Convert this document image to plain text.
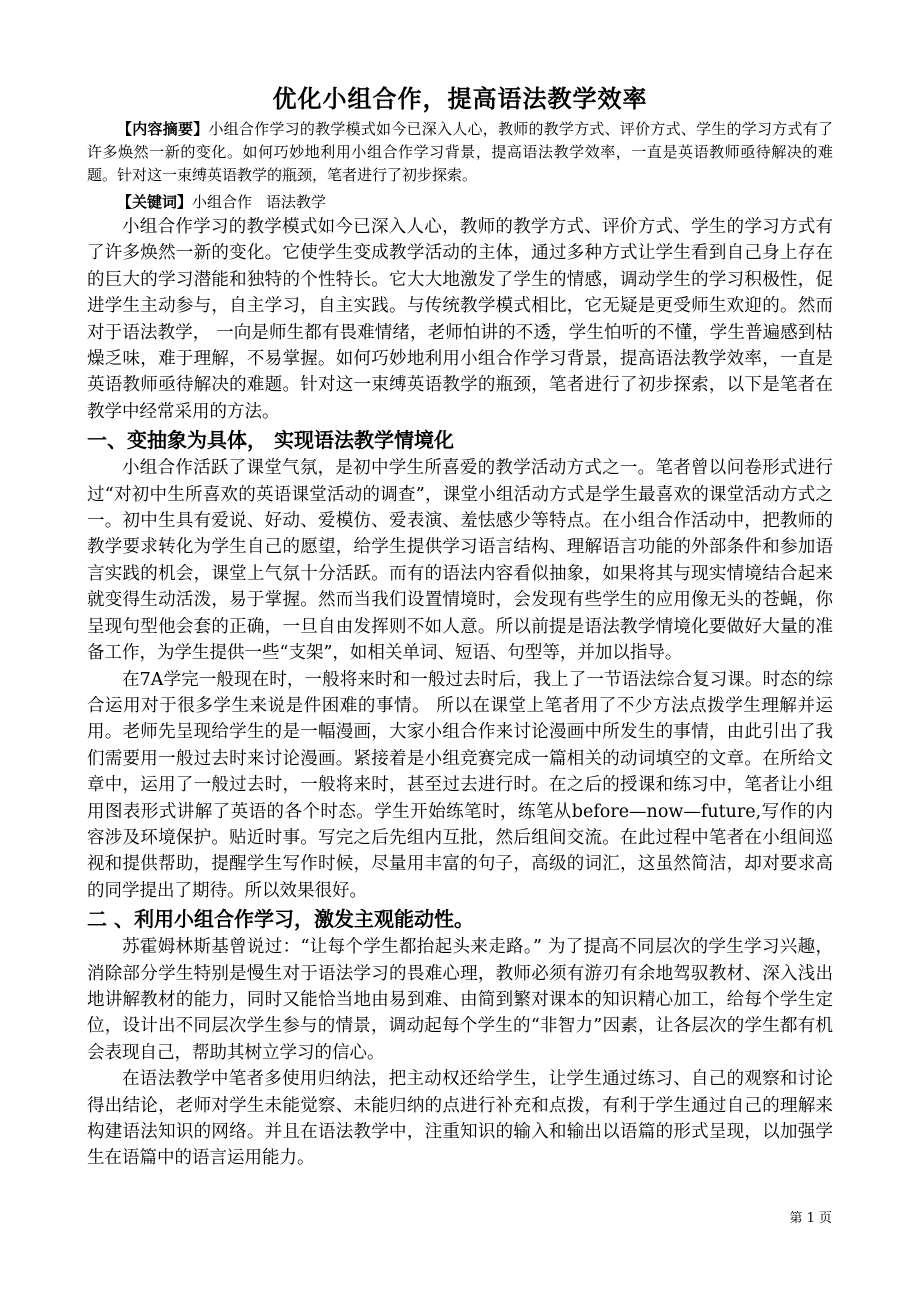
优化小组合作，提高语法教学效率

【内容摘要】小组合作学习的教学模式如今已深入人心，教师的教学方式、评价方式、学生的学习方式有了许多焕然一新的变化。如何巧妙地利用小组合作学习背景，提高语法教学效率，一直是英语教师亟待解决的难题。针对这一束缚英语教学的瓶颈，笔者进行了初步探索。

【关键词】小组合作 语法教学

小组合作学习的教学模式如今已深入人心，教师的教学方式、评价方式、学生的学习方式有了许多焕然一新的变化。它使学生变成教学活动的主体，通过多种方式让学生看到自己身上存在的巨大的学习潜能和独特的个性特长。它大大地激发了学生的情感，调动学生的学习积极性，促进学生主动参与，自主学习，自主实践。与传统教学模式相比，它无疑是更受师生欢迎的。然而对于语法教学， 一向是师生都有畏难情绪，老师怕讲的不透，学生怕听的不懂，学生普遍感到枯燥乏味，难于理解，不易掌握。如何巧妙地利用小组合作学习背景，提高语法教学效率，一直是英语教师亟待解决的难题。针对这一束缚英语教学的瓶颈，笔者进行了初步探索，以下是笔者在教学中经常采用的方法。

一、变抽象为具体， 实现语法教学情境化

小组合作活跃了课堂气氛，是初中学生所喜爱的教学活动方式之一。笔者曾以问卷形式进行过“对初中生所喜欢的英语课堂活动的调查”，课堂小组活动方式是学生最喜欢的课堂活动方式之一。初中生具有爱说、好动、爱模仿、爱表演、羞怯感少等特点。在小组合作活动中，把教师的教学要求转化为学生自己的愿望，给学生提供学习语言结构、理解语言功能的外部条件和参加语言实践的机会，课堂上气氛十分活跃。而有的语法内容看似抽象，如果将其与现实情境结合起来就变得生动活泼，易于掌握。然而当我们设置情境时，会发现有些学生的应用像无头的苍蝇，你呈现句型他会套的正确，一旦自由发挥则不如人意。所以前提是语法教学情境化要做好大量的准备工作，为学生提供一些“支架”，如相关单词、短语、句型等，并加以指导。

在7A学完一般现在时，一般将来时和一般过去时后，我上了一节语法综合复习课。时态的综合运用对于很多学生来说是件困难的事情。 所以在课堂上笔者用了不少方法点拨学生理解并运用。老师先呈现给学生的是一幅漫画，大家小组合作来讨论漫画中所发生的事情，由此引出了我们需要用一般过去时来讨论漫画。紧接着是小组竞赛完成一篇相关的动词填空的文章。在所给文章中，运用了一般过去时，一般将来时，甚至过去进行时。在之后的授课和练习中，笔者让小组用图表形式讲解了英语的各个时态。学生开始练笔时，练笔从before—now—future,写作的内容涉及环境保护。贴近时事。写完之后先组内互批，然后组间交流。在此过程中笔者在小组间巡视和提供帮助，提醒学生写作时候，尽量用丰富的句子，高级的词汇，这虽然简洁，却对要求高的同学提出了期待。所以效果很好。

二 、利用小组合作学习，激发主观能动性。

苏霍姆林斯基曾说过：“让每个学生都抬起头来走路。” 为了提高不同层次的学生学习兴趣，消除部分学生特别是慢生对于语法学习的畏难心理，教师必须有游刃有余地驾驭教材、深入浅出地讲解教材的能力，同时又能恰当地由易到难、由简到繁对课本的知识精心加工，给每个学生定位，设计出不同层次学生参与的情景，调动起每个学生的“非智力”因素，让各层次的学生都有机会表现自己，帮助其树立学习的信心。

在语法教学中笔者多使用归纳法，把主动权还给学生，让学生通过练习、自己的观察和讨论得出结论，老师对学生未能觉察、未能归纳的点进行补充和点拨，有利于学生通过自己的理解来构建语法知识的网络。并且在语法教学中，注重知识的输入和输出以语篇的形式呈现，以加强学生在语篇中的语言运用能力。

第 1 页
